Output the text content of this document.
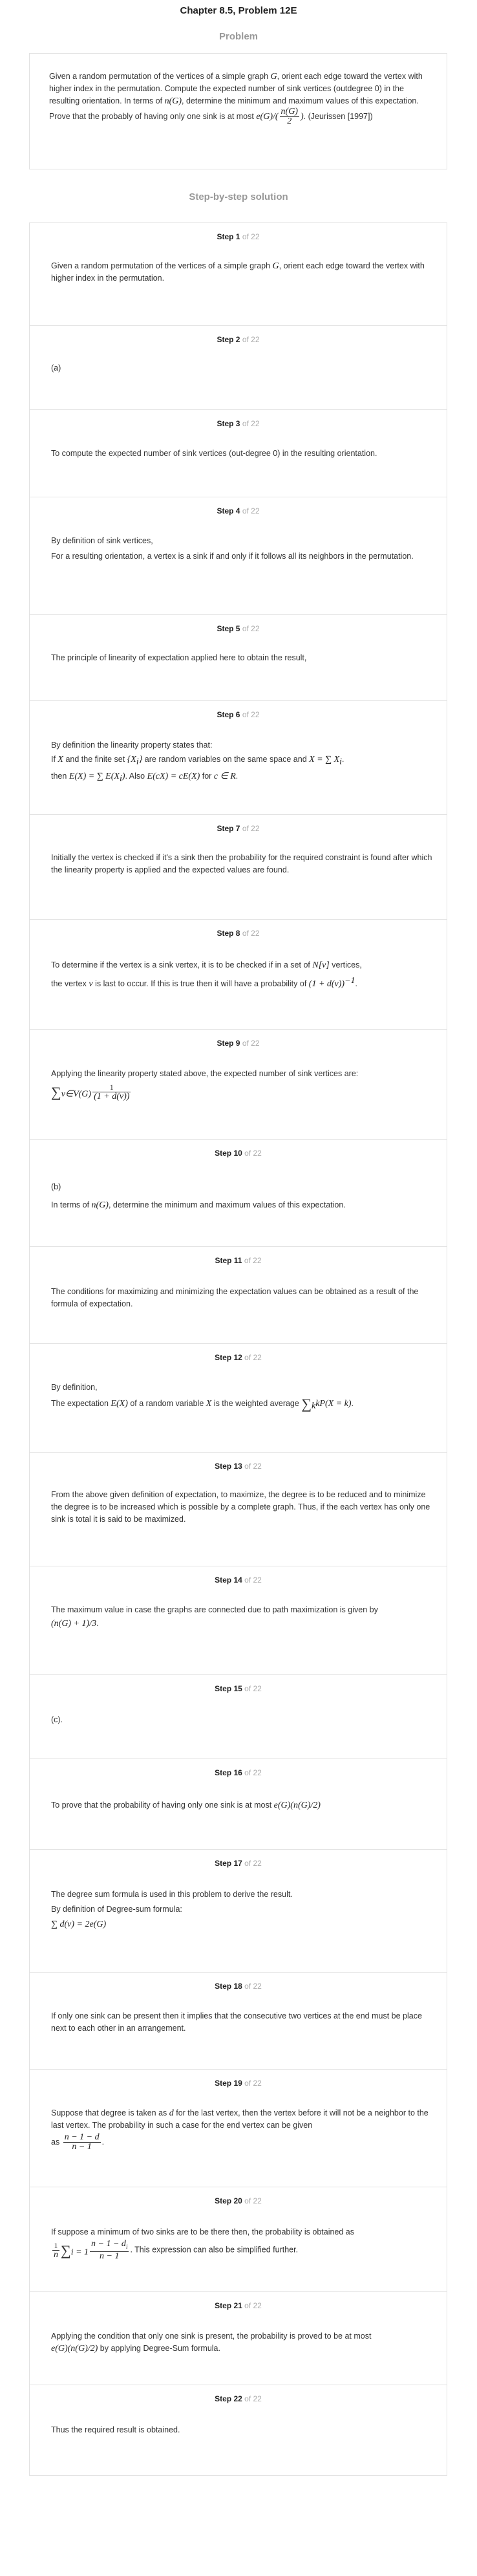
Chapter 8.5, Problem 12E
Problem
Given a random permutation of the vertices of a simple graph G, orient each edge toward the vertex with higher index in the permutation. Compute the expected number of sink vertices (outdegree 0) in the resulting orientation. In terms of n(G), determine the minimum and maximum values of this expectation. Prove that the probably of having only one sink is at most $e(G)/( \frac{n(G)}{2}$ ). (Jeurissen [1997])
Step-by-step solution
Step 1 of 22
Given a random permutation of the vertices of a simple graph G, orient each edge toward the vertex with higher index in the permutation.
Step 2 of 22
(a)
Step 3 of 22
To compute the expected number of sink vertices (out-degree 0) in the resulting orientation.
Step 4 of 22

By definition of sink vertices,

For a resulting orientation, a vertex is a sink if and only if it follows all its neighbors in the permutation.

Step 5 of 22
The principle of linearity of expectation applied here to obtain the result,
Step 6 of 22

By definition the linearity property states that:

If X and the finite set $\{X_i\}$ are random variables on the same space and X = ∑ $X_i$.

then E(X) = ∑ $E(X_i)$. Also E(cX) = cE(X) for c ∈ R.

Step 7 of 22
Initially the vertex is checked if it's a sink then the probability for the required constraint is found after which the linearity property is applied and the expected values are found.
Step 8 of 22

To determine if the vertex is a sink vertex, it is to be checked if in a set of N[v] vertices,

the vertex v is last to occur. If this is true then it will have a probability of $(1 + d(v))^{-1}$.

Step 9 of 22

Applying the linearity property stated above, the expected number of sink vertices are:

$\sum_{v\in V(G)} \frac{1}{(1 + d(v))}$

Step 10 of 22

(b)

In terms of n(G), determine the minimum and maximum values of this expectation.

Step 11 of 22
The conditions for maximizing and minimizing the expectation values can be obtained as a result of the formula of expectation.
Step 12 of 22

By definition,

The expectation E(X) of a random variable X is the weighted average $\sum_kkP(X = k)$.

Step 13 of 22
From the above given definition of expectation, to maximize, the degree is to be reduced and to minimize the degree is to be increased which is possible by a complete graph. Thus, if the each vertex has only one sink is total it is said to be maximized.
Step 14 of 22

The maximum value in case the graphs are connected due to path maximization is given by

(n(G) + 1)/3.

Step 15 of 22
(c).
Step 16 of 22
To prove that the probability of having only one sink is at most e(G)(n(G)/2)
Step 17 of 22

The degree sum formula is used in this problem to derive the result.

By definition of Degree-sum formula:

∑ d(v) = 2e(G)

Step 18 of 22
If only one sink can be present then it implies that the consecutive two vertices at the end must be place next to each other in an arrangement.
Step 19 of 22

Suppose that degree is taken as d for the last vertex, then the vertex before it will not be a neighbor to the last vertex. The probability in such a case for the end vertex can be given

as $\frac{n - 1 - d}{n - 1}$ .

Step 20 of 22

If suppose a minimum of two sinks are to be there then, the probability is obtained as

$\frac{1}{n} \sum_{i = 1} \frac{n - 1 - d_i}{n - 1}$ . This expression can also be simplified further.

Step 21 of 22

Applying the condition that only one sink is present, the probability is proved to be at most

e(G)(n(G)/2) by applying Degree-Sum formula.

Step 22 of 22
Thus the required result is obtained.
